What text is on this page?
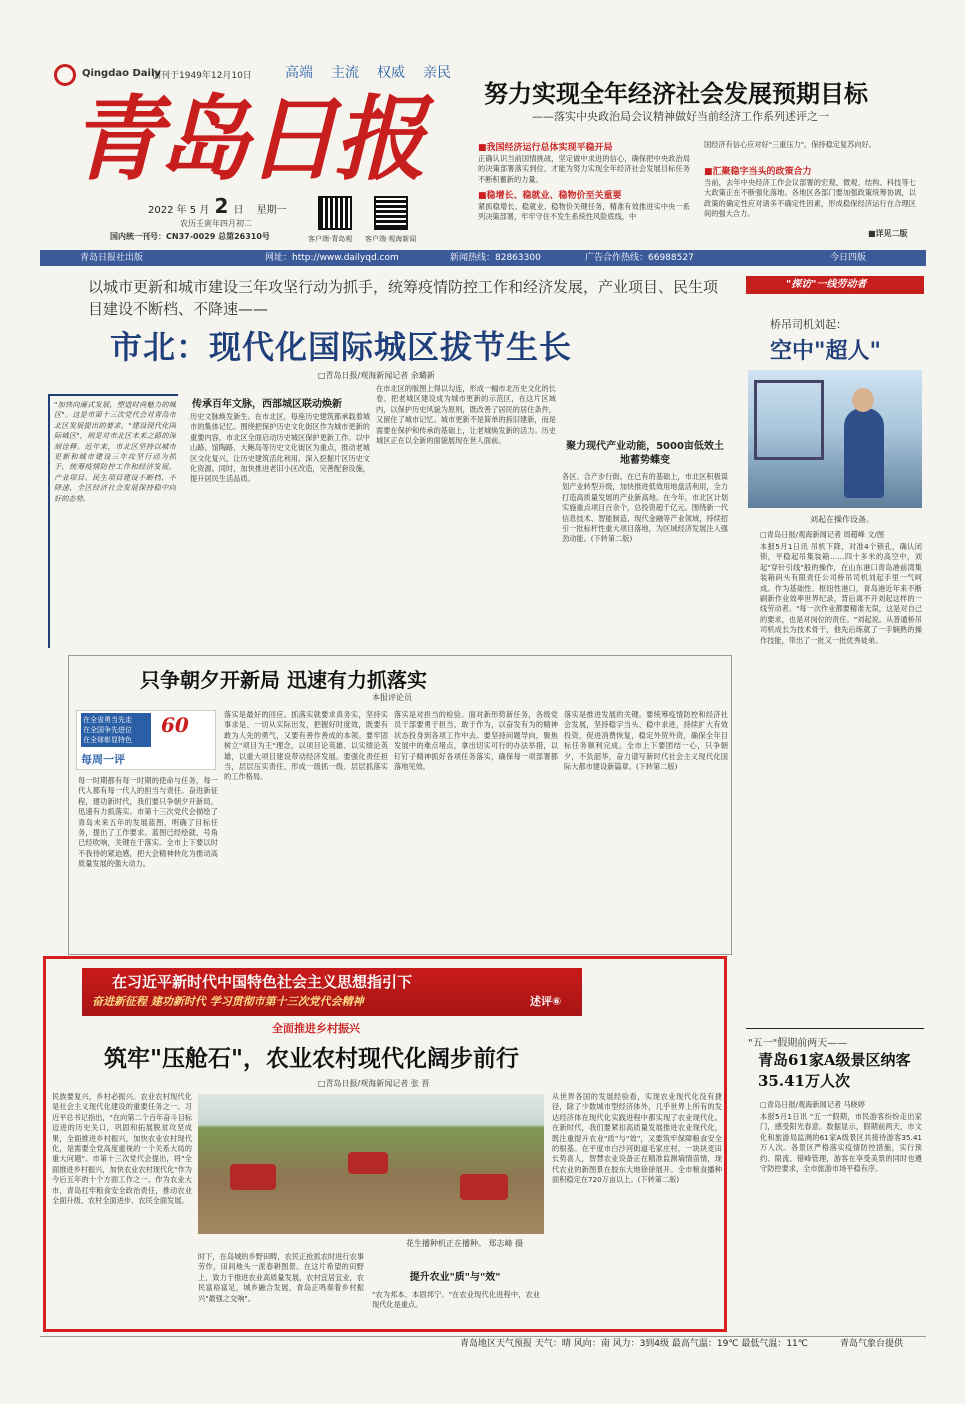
Qingdao Daily
创刊于1949年12月10日 高端 主流 权威 亲民
青岛日报
2022 年 5 月 2 日 星期一
农历壬寅年四月初二
国内统一刊号：CN37-0029 总第26310号	客户端·青岛观 客户端·观海新闻
努力实现全年经济社会发展预期目标
——落实中央政治局会议精神做好当前经济工作系列述评之一
■我国经济运行总体实现平稳开局
正确认识当前国情挑战，坚定做中求进的信心，确保把中央政治局的决策部署落实到位，才能为努力实现全年经济社会发展目标任务不断积蓄新的力量。
■稳增长、稳就业、稳物价至关重要
紧抓稳增长、稳就业、稳物价关键任务，精准有效推进实中央一系列决策部署，牢牢守住不发生系统性风险底线，中
国经济有信心应对好"三重压力"，保持稳定复苏向好。
■汇聚稳字当头的政策合力
当前，去年中央经济工作会议部署的宏观、微观、结构、科技等七大政策正在不断强化落地。各地区各部门要加强政策统筹协调，以政策的确定性应对诸多不确定性因素，形成稳保经济运行在合理区间的强大合力。
■详见二版
青岛日报社出版	网址：http://www.dailyqd.com	新闻热线：82863300	广告合作热线：66988527	今日四版
以城市更新和城市建设三年攻坚行动为抓手，统筹疫情防控工作和经济发展，产业项目、民生项目建设不断档、不降速——
市北：现代化国际城区拔节生长
□青岛日报/观海新闻记者 余璐新
"加快向廉式发展，塑造时尚魅力的城区"。这是市第十三次党代会对青岛市北区发展提出的要求。"建设现代化国际城区"，则是对市北区未来之路的深刻诠释。近年来，市北区坚持以城市更新和城市建设三年攻坚行动为抓手，统筹疫情防控工作和经济发展，产业项目、民生项目建设不断档、不降速，全区经济社会发展保持稳中向好的态势。
传承百年文脉，西部城区联动焕新
历史文脉焕发新生。在市北区，每座历史建筑都承载着城市的集体记忆。围绕把保护历史文化街区作为城市更新的重要内容，市北区全面启动历史城区保护更新工作。以中山路、馆陶路、大鲍岛等历史文化街区为重点，推动老城区文化复兴，让历史建筑活化利用，深入挖掘片区历史文化资源。同时，加快推进老旧小区改造，完善配套设施，提升居民生活品质。
在市北区的版图上得以勾连，形成一幅市北历史文化的长卷。把老城区建设成为城市更新的示范区，在这片区域内，以保护历史风貌为原则，既改善了居民的居住条件，又留住了城市记忆。城市更新不是简单的拆旧建新，而是需要在保护和传承的基础上，让老城焕发新的活力。历史城区正在以全新的面貌展现在世人面前。
聚力现代产业动能，5000亩低效土地蓄势蝶变
各区、合产步行街。在已有的基础上，市北区积极谋划产业转型升级，加快推进低效用地盘活利用，全力打造高质量发展的产业新高地。在今年，市北区计划实施重点项目百余个，总投资超千亿元。围绕新一代信息技术、智能制造、现代金融等产业领域，持续招引一批标杆性重大项目落地，为区域经济发展注入强劲动能。(下转第二版)
"探访"一线劳动者
桥吊司机刘起：
空中"超人"
刘起在操作设备。
□青岛日报/观海新闻记者 周超峰 文/图
本报5月1日讯 吊机下降，对准4个锁孔，确认闭锁，平稳起吊集装箱……四十多米的高空中，刘起"穿针引线"般的操作，在山东港口青岛港前湾集装箱码头有限责任公司桥吊司机刘起手里一气呵成。作为基础性、枢纽性港口，青岛港近年来不断刷新作业效率世界纪录，背后离不开刘起这样的一线劳动者。"每一次作业都要精准无误，这是对自己的要求，也是对岗位的责任。"刘起说。从普通桥吊司机成长为技术骨干，他先后练就了一手娴熟的操作技能，带出了一批又一批优秀徒弟。
"五一"假期前两天——
青岛61家A级景区纳客35.41万人次
□青岛日报/观海新闻记者 马晓婷
本报5月1日讯 "五一"假期，市民游客纷纷走出家门，感受阳光春意。数据显示，假期前两天，市文化和旅游局监测的61家A级景区共接待游客35.41万人次。各景区严格落实疫情防控措施，实行预约、限流、错峰管理，游客在享受美景的同时也遵守防控要求，全市旅游市场平稳有序。
只争朝夕开新局 迅速有力抓落实
本报评论员
在全省勇当先走
在全国争先进位
在全球彰显特色
60
每周一评
每一时期都有每一时期的使命与任务，每一代人都有每一代人的担当与责任。奋进新征程，建功新时代，我们要只争朝夕开新局，迅速有力抓落实。市第十三次党代会描绘了青岛未来五年的发展蓝图，明确了目标任务，提出了工作要求。蓝图已经绘就，号角已经吹响，关键在于落实。全市上下要以时不我待的紧迫感，把大会精神转化为推动高质量发展的强大动力。
落实是最好的回应。抓落实就要求真务实，坚持实事求是、一切从实际出发，把握好时度效，既要有敢为人先的勇气，又要有善作善成的本领。要牢固树立"项目为王"理念，以项目论英雄、以实绩论英雄，以重大项目建设带动经济发展。要强化责任担当，层层压实责任，形成一级抓一级、层层抓落实的工作格局。
落实是对担当的检验。面对新形势新任务，各级党员干部要勇于担当、敢于作为，以奋发有为的精神状态投身到各项工作中去。要坚持问题导向，聚焦发展中的难点堵点，拿出切实可行的办法举措，以钉钉子精神抓好各项任务落实，确保每一项部署都落地见效。
落实是推进发展的关键。要统筹疫情防控和经济社会发展，坚持稳字当头、稳中求进，持续扩大有效投资，促进消费恢复，稳定外贸外资，确保全年目标任务顺利完成。全市上下要团结一心，只争朝夕，不负韶华，奋力谱写新时代社会主义现代化国际大都市建设新篇章。(下转第二版)
在习近平新时代中国特色社会主义思想指引下
奋进新征程 建功新时代 学习贯彻市第十三次党代会精神	述评⑥
全面推进乡村振兴
筑牢"压舱石"，农业农村现代化阔步前行
□青岛日报/观海新闻记者 张 晋
民族要复兴，乡村必振兴。农业农村现代化是社会主义现代化建设的重要任务之一。习近平总书记指出，"在向第二个百年奋斗目标迈进的历史关口，巩固和拓展脱贫攻坚成果，全面推进乡村振兴，加快农业农村现代化，是需要全党高度重视的一个关系大局的重大问题"。市第十三次党代会提出，将"全面推进乡村振兴，加快农业农村现代化"作为今后五年的十个方面工作之一。作为农业大市，青岛扛牢粮食安全政治责任，推动农业全面升级、农村全面进步、农民全面发展。
花生播种机正在播种。 郑志峰 摄
时下，在岛城的乡野田畴，农民正抢抓农时进行农事劳作，田间地头一派春耕图景。在这片希望的田野上，致力于推进农业高质量发展，农村宜居宜业，农民富裕富足，城乡融合发展，青岛正鸣奏着乡村振兴"最强之交响"。
提升农业"质"与"效"
"农为邦本，本固邦宁。"在农业现代化进程中，农业现代化是重点。
从世界各国的发展经验看，实现农业现代化没有捷径，除了少数城市型经济体外，几乎世界上所有的发达经济体在现代化实践进程中都实现了农业现代化。在新时代，我们要紧扣高质量发展推进农业现代化，既注重提升农业"质"与"效"，又要筑牢保障粮食安全的根基。在平度市白沙河街道毛家庄村，一块块麦田长势喜人，智慧农业设备正在精准监测墒情苗情，现代农业的新图景在胶东大地徐徐展开。全市粮食播种面积稳定在720万亩以上。(下转第二版)
青岛地区天气预报 天气：晴 风向：南 风力：3到4级 最高气温：19℃ 最低气温：11℃	青岛气象台提供
